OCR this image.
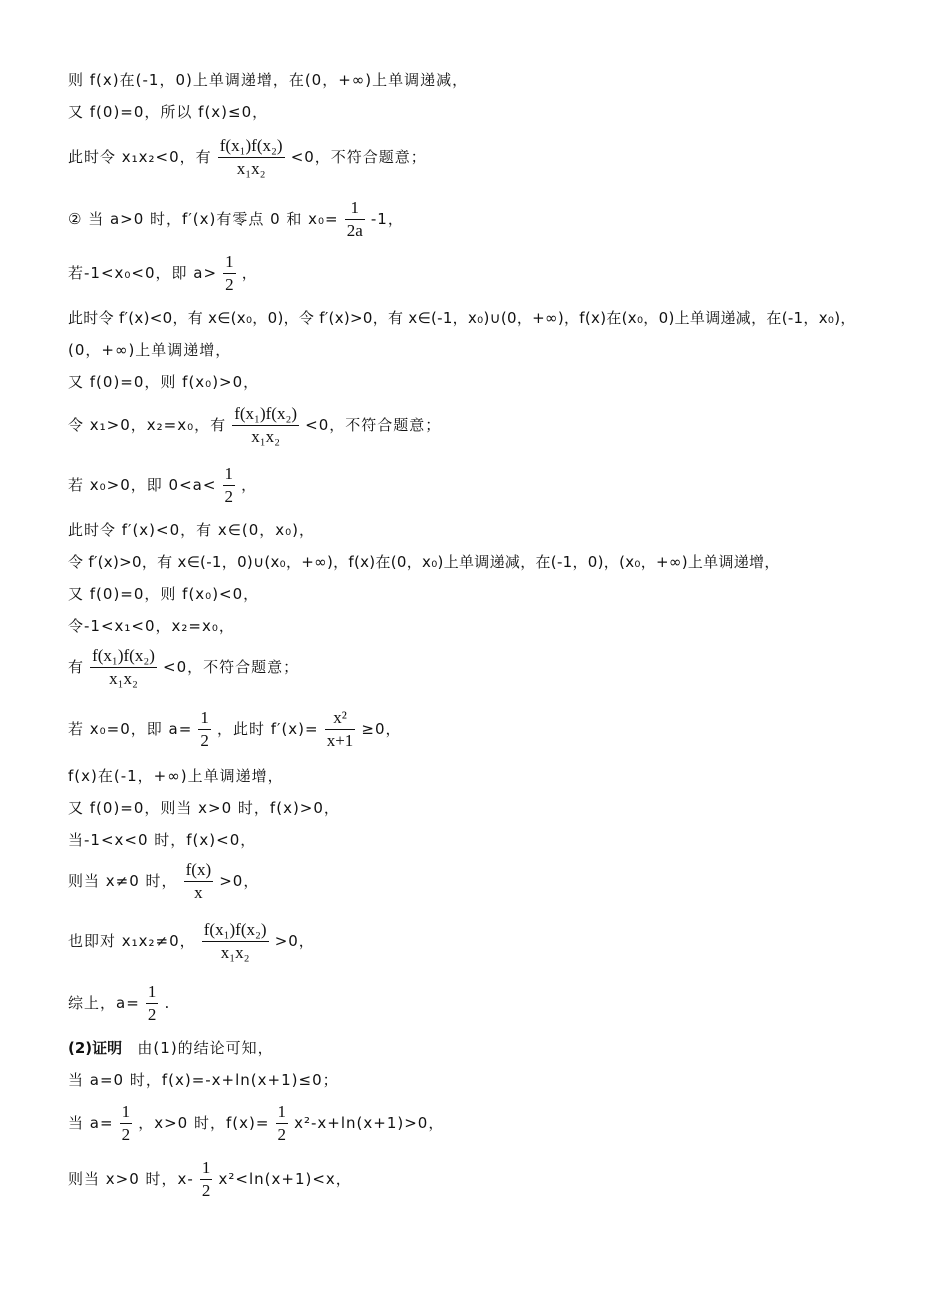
则 f(x)在(-1，0)上单调递增，在(0，+∞)上单调递减，
又 f(0)=0，所以 f(x)≤0，
此时令 x₁x₂<0，有 $\frac{\text{f(x₁)f(x₂)}}{\text{x₁x₂}} <0$，不符合题意；
② 当 a>0 时，f′(x)有零点 0 和 $x_0= \frac{1}{2a} -1$，
若-1<x₀<0，即 $a> \frac{1}{2}$ ，
此时令 f′(x)<0，有 x∈(x₀，0)，令 f′(x)>0，有 x∈(-1，x₀)∪(0，+∞)，f(x)在(x₀，0)上单调递减，在(-1，x₀)，
(0，+∞)上单调递增，
又 f(0)=0，则 f(x₀)>0，
令 x₁>0，x₂=x₀，有 $\frac{\text{f(x₁)f(x₂)}}{\text{x₁x₂}} <0$，不符合题意；
若 x₀>0，即 $0<a< \frac{1}{2}$ ，
此时令 f′(x)<0，有 x∈(0，x₀)，
令 f′(x)>0，有 x∈(-1，0)∪(x₀，+∞)，f(x)在(0，x₀)上单调递减，在(-1，0)，(x₀，+∞)上单调递增，
又 f(0)=0，则 f(x₀)<0，
令-1<x₁<0，x₂=x₀，
有 $\frac{\text{f(x₁)f(x₂)}}{\text{x₁x₂}} <0$，不符合题意；
若 x₀=0，即 $a= \frac{1}{2}$ ，此时 $f'(x)= \frac{\text{x²}}{x+1} \ge 0$，
f(x)在(-1，+∞)上单调递增，
又 f(0)=0，则当 x>0 时，f(x)>0，
当-1<x<0 时，f(x)<0，
则当 x≠0 时， $\frac{f(x)}{x} >0$，
也即对 x₁x₂≠0， $\frac{\text{f(x₁)f(x₂)}}{\text{x₁x₂}} >0$，
综上，$a= \frac{1}{2}$ .
(2)证明 由(1)的结论可知，
当 a=0 时，f(x)=-x+ln(x+1)≤0；
当 $a= \frac{1}{2}$ ，x>0 时，$f(x)= \frac{1}{2} x^2-x+\ln(x+1)>0$，
则当 x>0 时，$x- \frac{1}{2} x^2<\ln(x+1)<x$，
